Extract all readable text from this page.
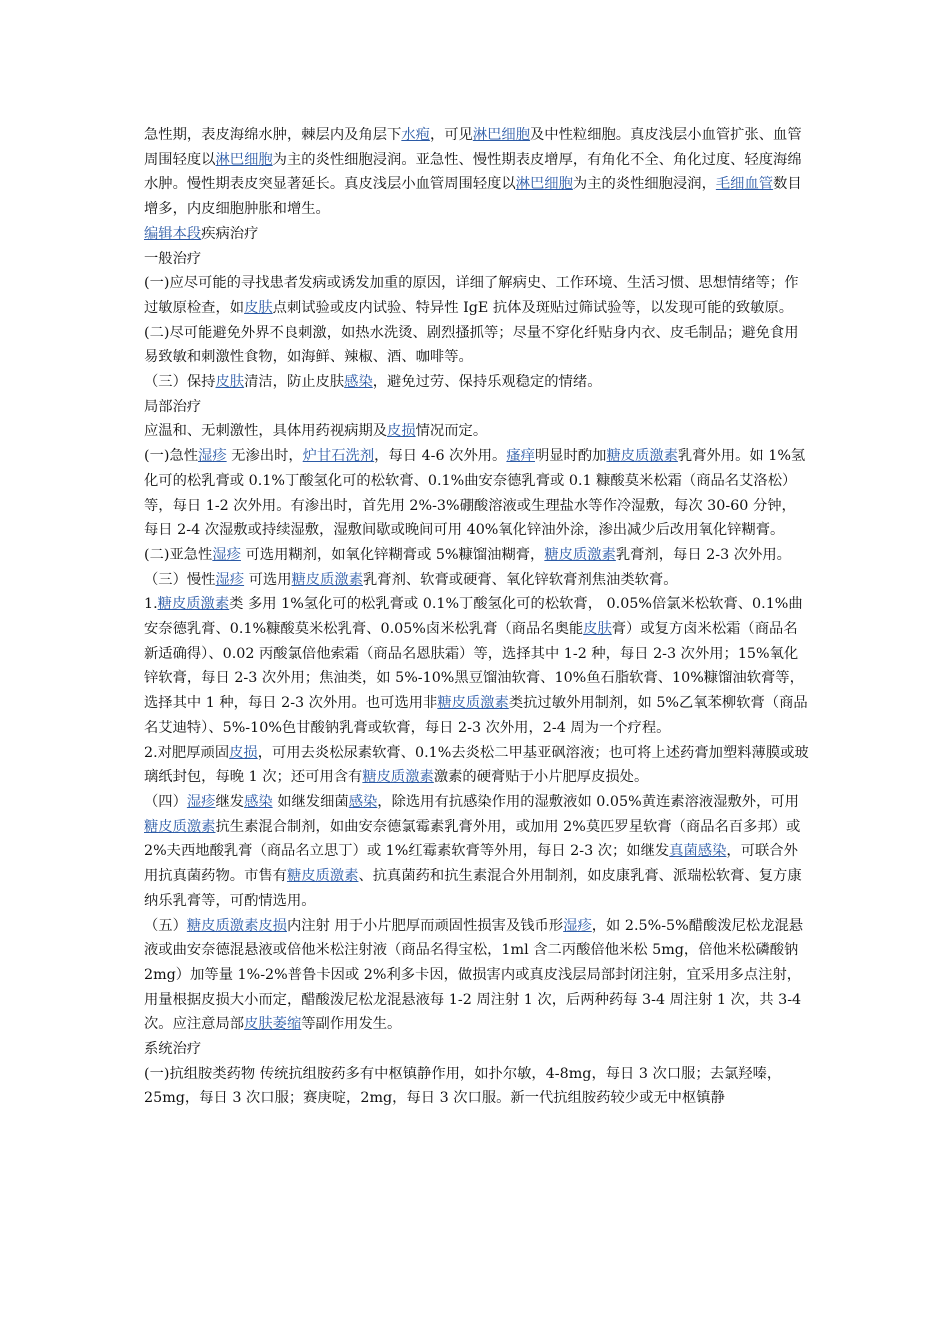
急性期，表皮海绵水肿，棘层内及角层下水疱，可见淋巴细胞及中性粒细胞。真皮浅层小血管扩张、血管周围轻度以淋巴细胞为主的炎性细胞浸润。亚急性、慢性期表皮增厚，有角化不全、角化过度、轻度海绵水肿。慢性期表皮突显著延长。真皮浅层小血管周围轻度以淋巴细胞为主的炎性细胞浸润，毛细血管数目增多，内皮细胞肿胀和增生。

编辑本段疾病治疗

一般治疗

(一)应尽可能的寻找患者发病或诱发加重的原因，详细了解病史、工作环境、生活习惯、思想情绪等；作过敏原检查，如皮肤点刺试验或皮内试验、特异性 IgE 抗体及斑贴过筛试验等，以发现可能的致敏原。

(二)尽可能避免外界不良刺激，如热水洗烫、剧烈搔抓等；尽量不穿化纤贴身内衣、皮毛制品；避免食用易致敏和刺激性食物，如海鲜、辣椒、酒、咖啡等。

（三）保持皮肤清洁，防止皮肤感染，避免过劳、保持乐观稳定的情绪。

局部治疗

应温和、无刺激性，具体用药视病期及皮损情况而定。

(一)急性湿疹 无渗出时，炉甘石洗剂，每日 4-6 次外用。瘙痒明显时酌加糖皮质激素乳膏外用。如 1%氢化可的松乳膏或 0.1%丁酸氢化可的松软膏、0.1%曲安奈德乳膏或 0.1 糠酸莫米松霜（商品名艾洛松）等，每日 1-2 次外用。有渗出时，首先用 2%-3%硼酸溶液或生理盐水等作冷湿敷，每次 30-60 分钟，每日 2-4 次湿敷或持续湿敷，湿敷间歇或晚间可用 40%氧化锌油外涂，渗出减少后改用氧化锌糊膏。

(二)亚急性湿疹 可选用糊剂，如氧化锌糊膏或 5%糠馏油糊膏，糖皮质激素乳膏剂，每日 2-3 次外用。

（三）慢性湿疹 可选用糖皮质激素乳膏剂、软膏或硬膏、氧化锌软膏剂焦油类软膏。

1.糖皮质激素类 多用 1%氢化可的松乳膏或 0.1%丁酸氢化可的松软膏， 0.05%倍氯米松软膏、0.1%曲安奈德乳膏、0.1%糠酸莫米松乳膏、0.05%卤米松乳膏（商品名奥能皮肤膏）或复方卤米松霜（商品名新适确得）、0.02 丙酸氯倍他索霜（商品名恩肤霜）等，选择其中 1-2 种，每日 2-3 次外用；15%氧化锌软膏，每日 2-3 次外用；焦油类，如 5%-10%黑豆馏油软膏、10%鱼石脂软膏、10%糠馏油软膏等，选择其中 1 种，每日 2-3 次外用。也可选用非糖皮质激素类抗过敏外用制剂，如 5%乙氧苯柳软膏（商品名艾迪特）、5%-10%色甘酸钠乳膏或软膏，每日 2-3 次外用，2-4 周为一个疗程。

2.对肥厚顽固皮损，可用去炎松尿素软膏、0.1%去炎松二甲基亚砜溶液；也可将上述药膏加塑料薄膜或玻璃纸封包，每晚 1 次；还可用含有糖皮质激素激素的硬膏贴于小片肥厚皮损处。

（四）湿疹继发感染 如继发细菌感染，除选用有抗感染作用的湿敷液如 0.05%黄连素溶液湿敷外，可用糖皮质激素抗生素混合制剂，如曲安奈德氯霉素乳膏外用，或加用 2%莫匹罗星软膏（商品名百多邦）或 2%夫西地酸乳膏（商品名立思丁）或 1%红霉素软膏等外用，每日 2-3 次；如继发真菌感染，可联合外用抗真菌药物。市售有糖皮质激素、抗真菌药和抗生素混合外用制剂，如皮康乳膏、派瑞松软膏、复方康纳乐乳膏等，可酌情选用。

（五）糖皮质激素皮损内注射 用于小片肥厚而顽固性损害及钱币形湿疹，如 2.5%-5%醋酸泼尼松龙混悬液或曲安奈德混悬液或倍他米松注射液（商品名得宝松，1ml 含二丙酸倍他米松 5mg，倍他米松磷酸钠 2mg）加等量 1%-2%普鲁卡因或 2%利多卡因，做损害内或真皮浅层局部封闭注射，宜采用多点注射，用量根据皮损大小而定，醋酸泼尼松龙混悬液每 1-2 周注射 1 次，后两种药每 3-4 周注射 1 次，共 3-4 次。应注意局部皮肤萎缩等副作用发生。

系统治疗

(一)抗组胺类药物 传统抗组胺药多有中枢镇静作用，如扑尔敏，4-8mg，每日 3 次口服；去氯羟嗪，25mg，每日 3 次口服；赛庚啶，2mg，每日 3 次口服。新一代抗组胺药较少或无中枢镇静
